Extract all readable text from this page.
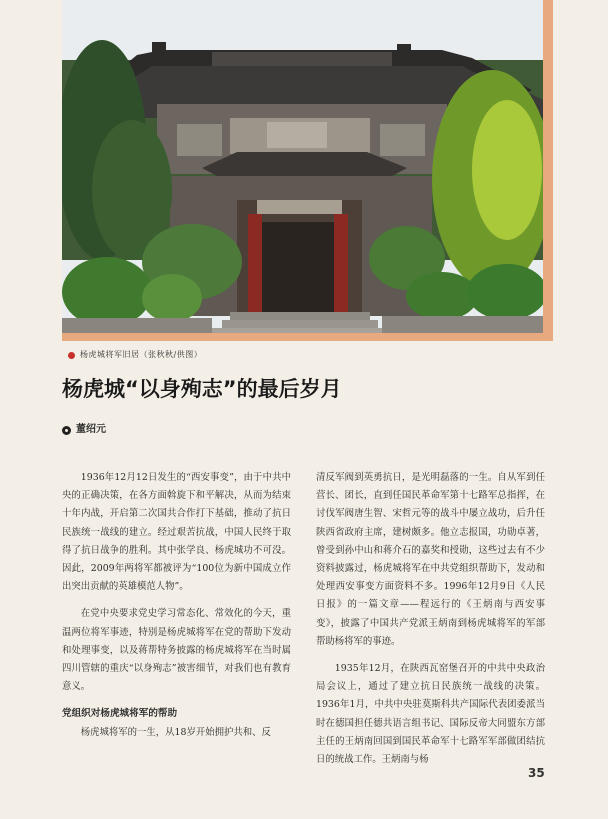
杨虎城将军旧居（张秋秋/供图）
杨虎城“以身殉志”的最后岁月
董绍元

1936年12月12日发生的“西安事变”，由于中共中央的正确决策，在各方面斡旋下和平解决，从而为结束十年内战，开启第二次国共合作打下基础，推动了抗日民族统一战线的建立。经过艰苦抗战，中国人民终于取得了抗日战争的胜利。其中张学良、杨虎城功不可没。因此，2009年两将军都被评为“100位为新中国成立作出突出贡献的英雄模范人物”。

在党中央要求党史学习常态化、常效化的今天，重温两位将军事迹，特别是杨虎城将军在党的帮助下发动和处理事变，以及蒋帮特务披露的杨虎城将军在当时属四川管辖的重庆“以身殉志”被害细节，对我们也有教育意义。

党组织对杨虎城将军的帮助

杨虎城将军的一生，从18岁开始拥护共和、反

清反军阀到英勇抗日，是光明磊落的一生。自从军到任营长、团长，直到任国民革命军第十七路军总指挥，在讨伐军阀唐生智、宋哲元等的战斗中屡立战功，后升任陕西省政府主席，建树颇多。他立志报国，功勋卓著，曾受到孙中山和蒋介石的嘉奖和授勋，这些过去有不少资料披露过，杨虎城将军在中共党组织帮助下，发动和处理西安事变方面资料不多。1996年12月9日《人民日报》的一篇文章——程远行的《王炳南与西安事变》，披露了中国共产党派王炳南到杨虎城将军的军部帮助杨将军的事迹。

1935年12月，在陕西瓦窑堡召开的中共中央政治局会议上，通过了建立抗日民族统一战线的决策。1936年1月，中共中央驻莫斯科共产国际代表团委派当时在德国担任德共语言组书记、国际反帝大同盟东方部主任的王炳南回国到国民革命军十七路军军部做团结抗日的统战工作。王炳南与杨

35
